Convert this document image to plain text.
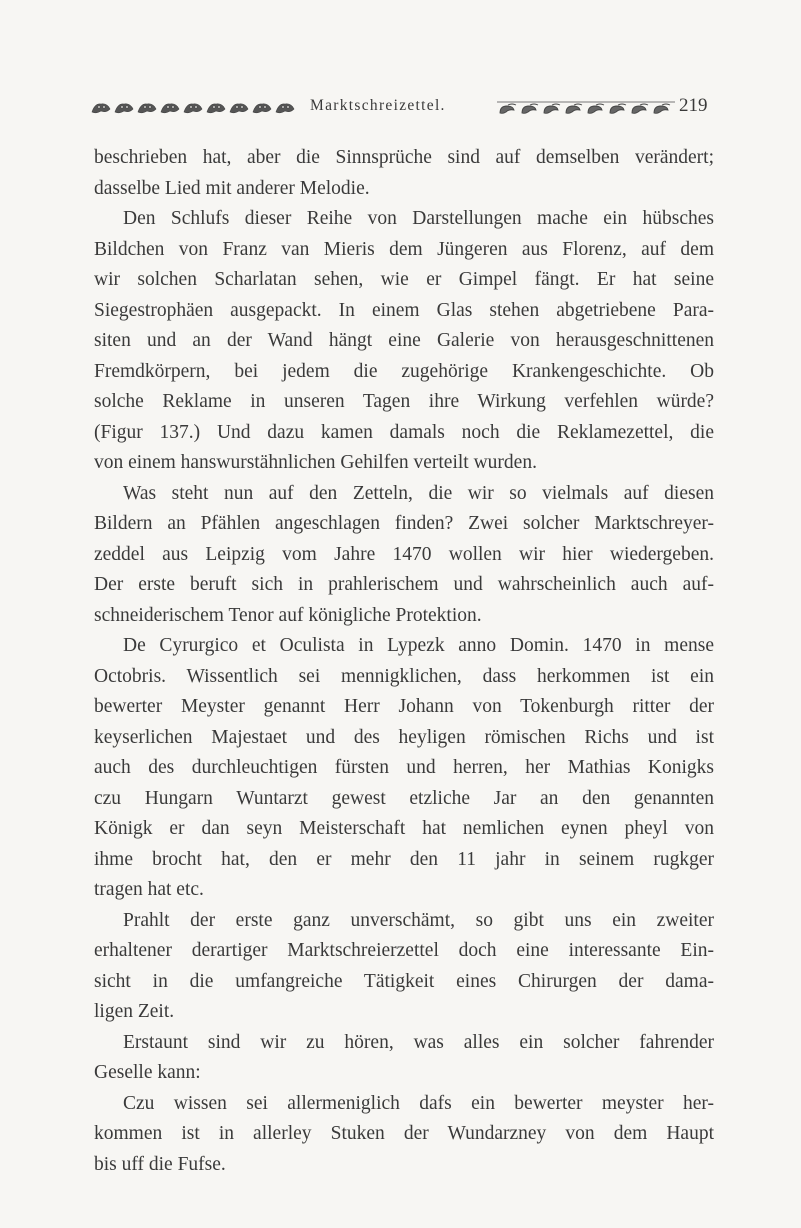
Marktschreizettel.	219
beschrieben hat, aber die Sinnsprüche sind auf demselben verändert;
dasselbe Lied mit anderer Melodie.
Den Schlufs dieser Reihe von Darstellungen mache ein hübsches
Bildchen von Franz van Mieris dem Jüngeren aus Florenz, auf dem
wir solchen Scharlatan sehen, wie er Gimpel fängt. Er hat seine
Siegestrophäen ausgepackt. In einem Glas stehen abgetriebene Para-
siten und an der Wand hängt eine Galerie von herausgeschnittenen
Fremdkörpern, bei jedem die zugehörige Krankengeschichte. Ob
solche Reklame in unseren Tagen ihre Wirkung verfehlen würde?
(Figur 137.) Und dazu kamen damals noch die Reklamezettel, die
von einem hanswurstähnlichen Gehilfen verteilt wurden.
Was steht nun auf den Zetteln, die wir so vielmals auf diesen
Bildern an Pfählen angeschlagen finden? Zwei solcher Marktschreyer-
zeddel aus Leipzig vom Jahre 1470 wollen wir hier wiedergeben.
Der erste beruft sich in prahlerischem und wahrscheinlich auch auf-
schneiderischem Tenor auf königliche Protektion.
De Cyrurgico et Oculista in Lypezk anno Domin. 1470 in mense
Octobris. Wissentlich sei mennigklichen, dass herkommen ist ein
bewerter Meyster genannt Herr Johann von Tokenburgh ritter der
keyserlichen Majestaet und des heyligen römischen Richs und ist
auch des durchleuchtigen fürsten und herren, her Mathias Konigks
czu Hungarn Wuntarzt gewest etzliche Jar an den genannten
Königk er dan seyn Meisterschaft hat nemlichen eynen pheyl von
ihme brocht hat, den er mehr den 11 jahr in seinem rugkger
tragen hat etc.
Prahlt der erste ganz unverschämt, so gibt uns ein zweiter
erhaltener derartiger Marktschreierzettel doch eine interessante Ein-
sicht in die umfangreiche Tätigkeit eines Chirurgen der dama-
ligen Zeit.
Erstaunt sind wir zu hören, was alles ein solcher fahrender
Geselle kann:
Czu wissen sei allermeniglich dafs ein bewerter meyster her-
kommen ist in allerley Stuken der Wundarzney von dem Haupt
bis uff die Fufse.
